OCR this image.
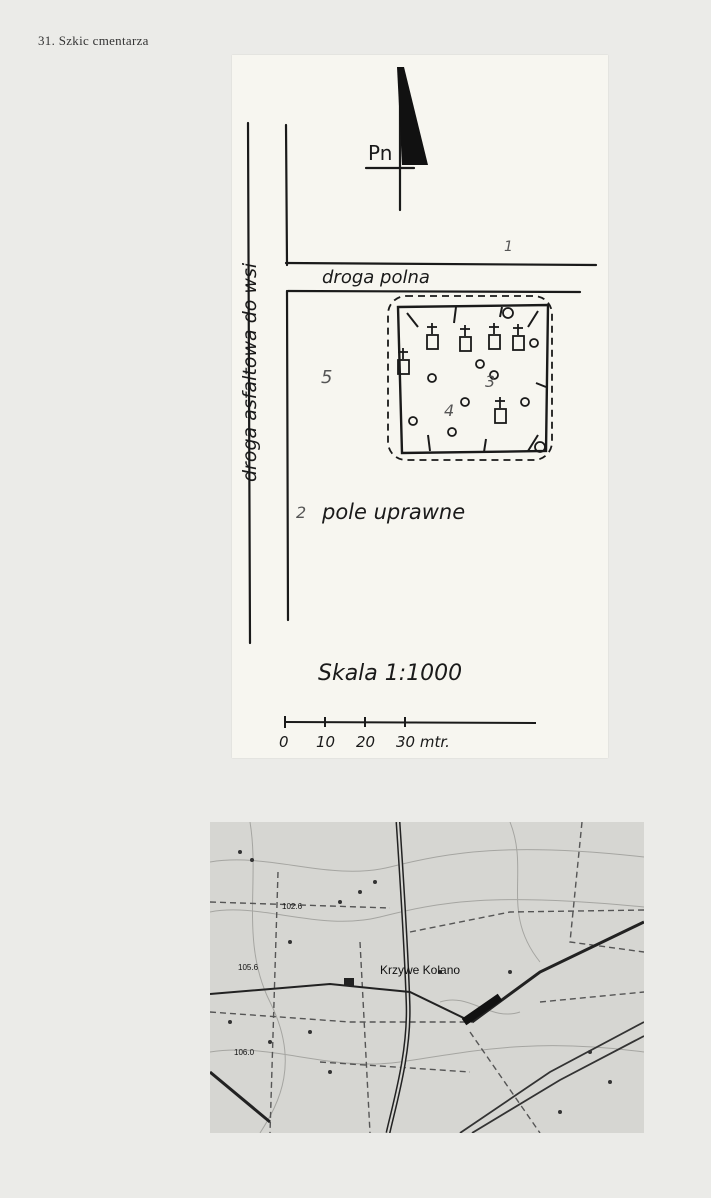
31. Szkic cmentarza
droga asfaltowa do wsi
Pn
droga polna
1
5	3
4
2 pole uprawne
Skala 1:1000
0 10 20 30 mtr.
Krzywe Kolano
102.6
105.6
106.0
